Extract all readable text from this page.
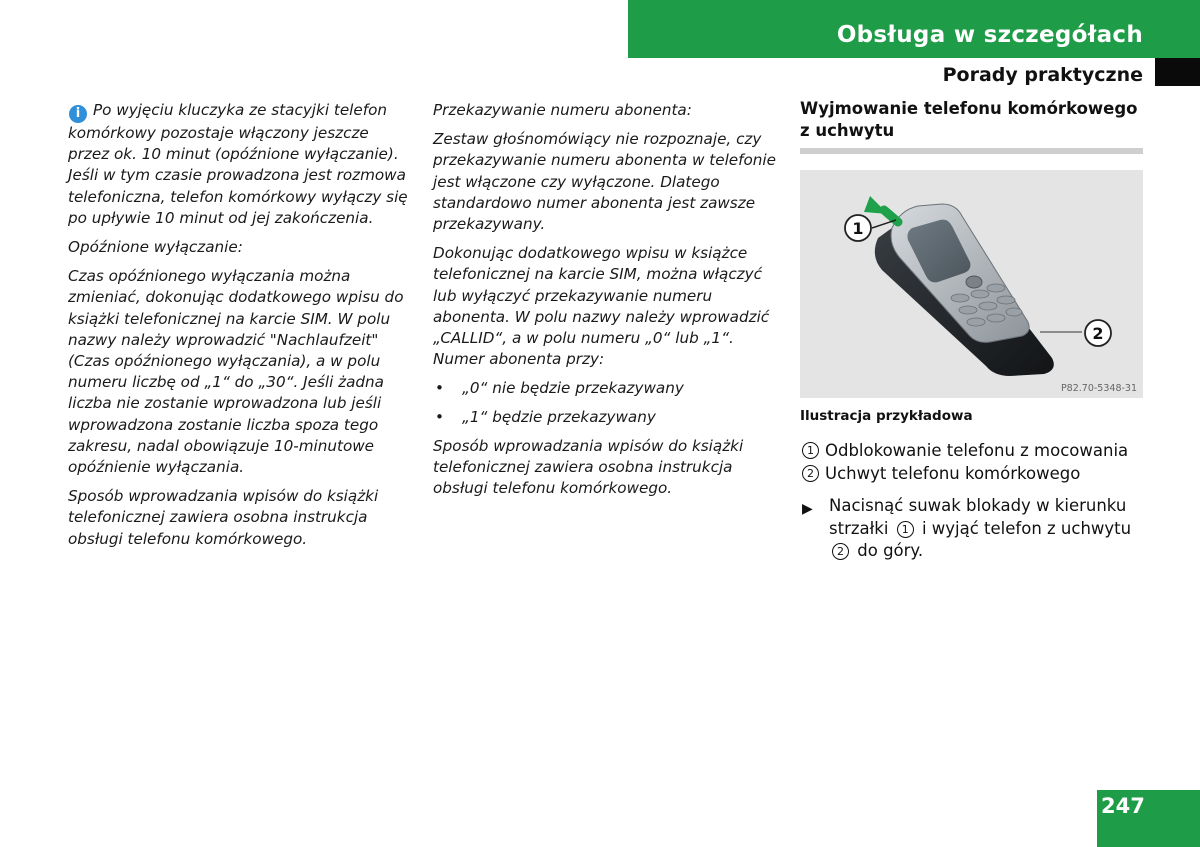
Obsługa w szczegółach
Porady praktyczne

i Po wyjęciu kluczyka ze stacyjki telefon komórkowy pozostaje włączony jeszcze przez ok. 10 minut (opóźnione wyłączanie). Jeśli w tym czasie prowadzona jest rozmowa telefoniczna, telefon komórkowy wyłączy się po upływie 10 minut od jej zakończenia.

Opóźnione wyłączanie:

Czas opóźnionego wyłączania można zmieniać, dokonując dodatkowego wpisu do książki telefonicznej na karcie SIM. W polu nazwy należy wprowadzić "Nachlaufzeit" (Czas opóźnionego wyłączania), a w polu numeru liczbę od „1“ do „30“. Jeśli żadna liczba nie zostanie wprowadzona lub jeśli wprowadzona zostanie liczba spoza tego zakresu, nadal obowiązuje 10-minutowe opóźnienie wyłączania.

Sposób wprowadzania wpisów do książki telefonicznej zawiera osobna instrukcja obsługi telefonu komórkowego.

Przekazywanie numeru abonenta:

Zestaw głośnomówiący nie rozpoznaje, czy przekazywanie numeru abonenta w telefonie jest włączone czy wyłączone. Dlatego standardowo numer abonenta jest zawsze przekazywany.

Dokonując dodatkowego wpisu w książce telefonicznej na karcie SIM, można włączyć lub wyłączyć przekazywanie numeru abonenta. W polu nazwy należy wprowadzić „CALLID“, a w polu numeru „0“ lub „1“. Numer abonenta przy:

• „0“ nie będzie przekazywany
• „1“ będzie przekazywany

Sposób wprowadzania wpisów do książki telefonicznej zawiera osobna instrukcja obsługi telefonu komórkowego.

Wyjmowanie telefonu komórkowego z uchwytu
1
2
P82.70-5348-31
Ilustracja przykładowa
1 Odblokowanie telefonu z mocowania
2 Uchwyt telefonu komórkowego
▶ Nacisnąć suwak blokady w kierunku strzałki 1 i wyjąć telefon z uchwytu 2 do góry.
247
